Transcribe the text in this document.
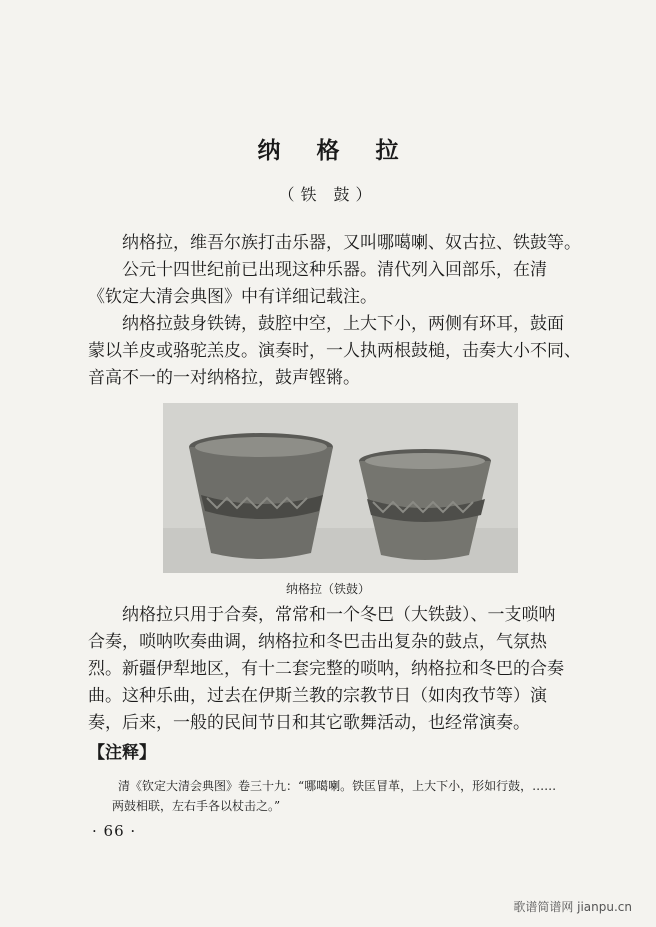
纳 格 拉
（铁 鼓）

纳格拉，维吾尔族打击乐器，又叫哪噶喇、奴古拉、铁鼓等。

公元十四世纪前已出现这种乐器。清代列入回部乐，在清

《钦定大清会典图》中有详细记载注。

纳格拉鼓身铁铸，鼓腔中空，上大下小，两侧有环耳，鼓面

蒙以羊皮或骆驼羔皮。演奏时，一人执两根鼓槌，击奏大小不同、

音高不一的一对纳格拉，鼓声铿锵。

纳格拉（铁鼓）

纳格拉只用于合奏，常常和一个冬巴（大铁鼓）、一支唢呐

合奏，唢呐吹奏曲调，纳格拉和冬巴击出复杂的鼓点，气氛热

烈。新疆伊犁地区，有十二套完整的唢呐，纳格拉和冬巴的合奏

曲。这种乐曲，过去在伊斯兰教的宗教节日（如肉孜节等）演

奏，后来，一般的民间节日和其它歌舞活动，也经常演奏。

【注释】

清《钦定大清会典图》卷三十九：“哪噶喇。铁匡冒革，上大下小，形如行鼓，……

两鼓相联，左右手各以杖击之。”

· 66 ·
歌谱简谱网 jianpu.cn
